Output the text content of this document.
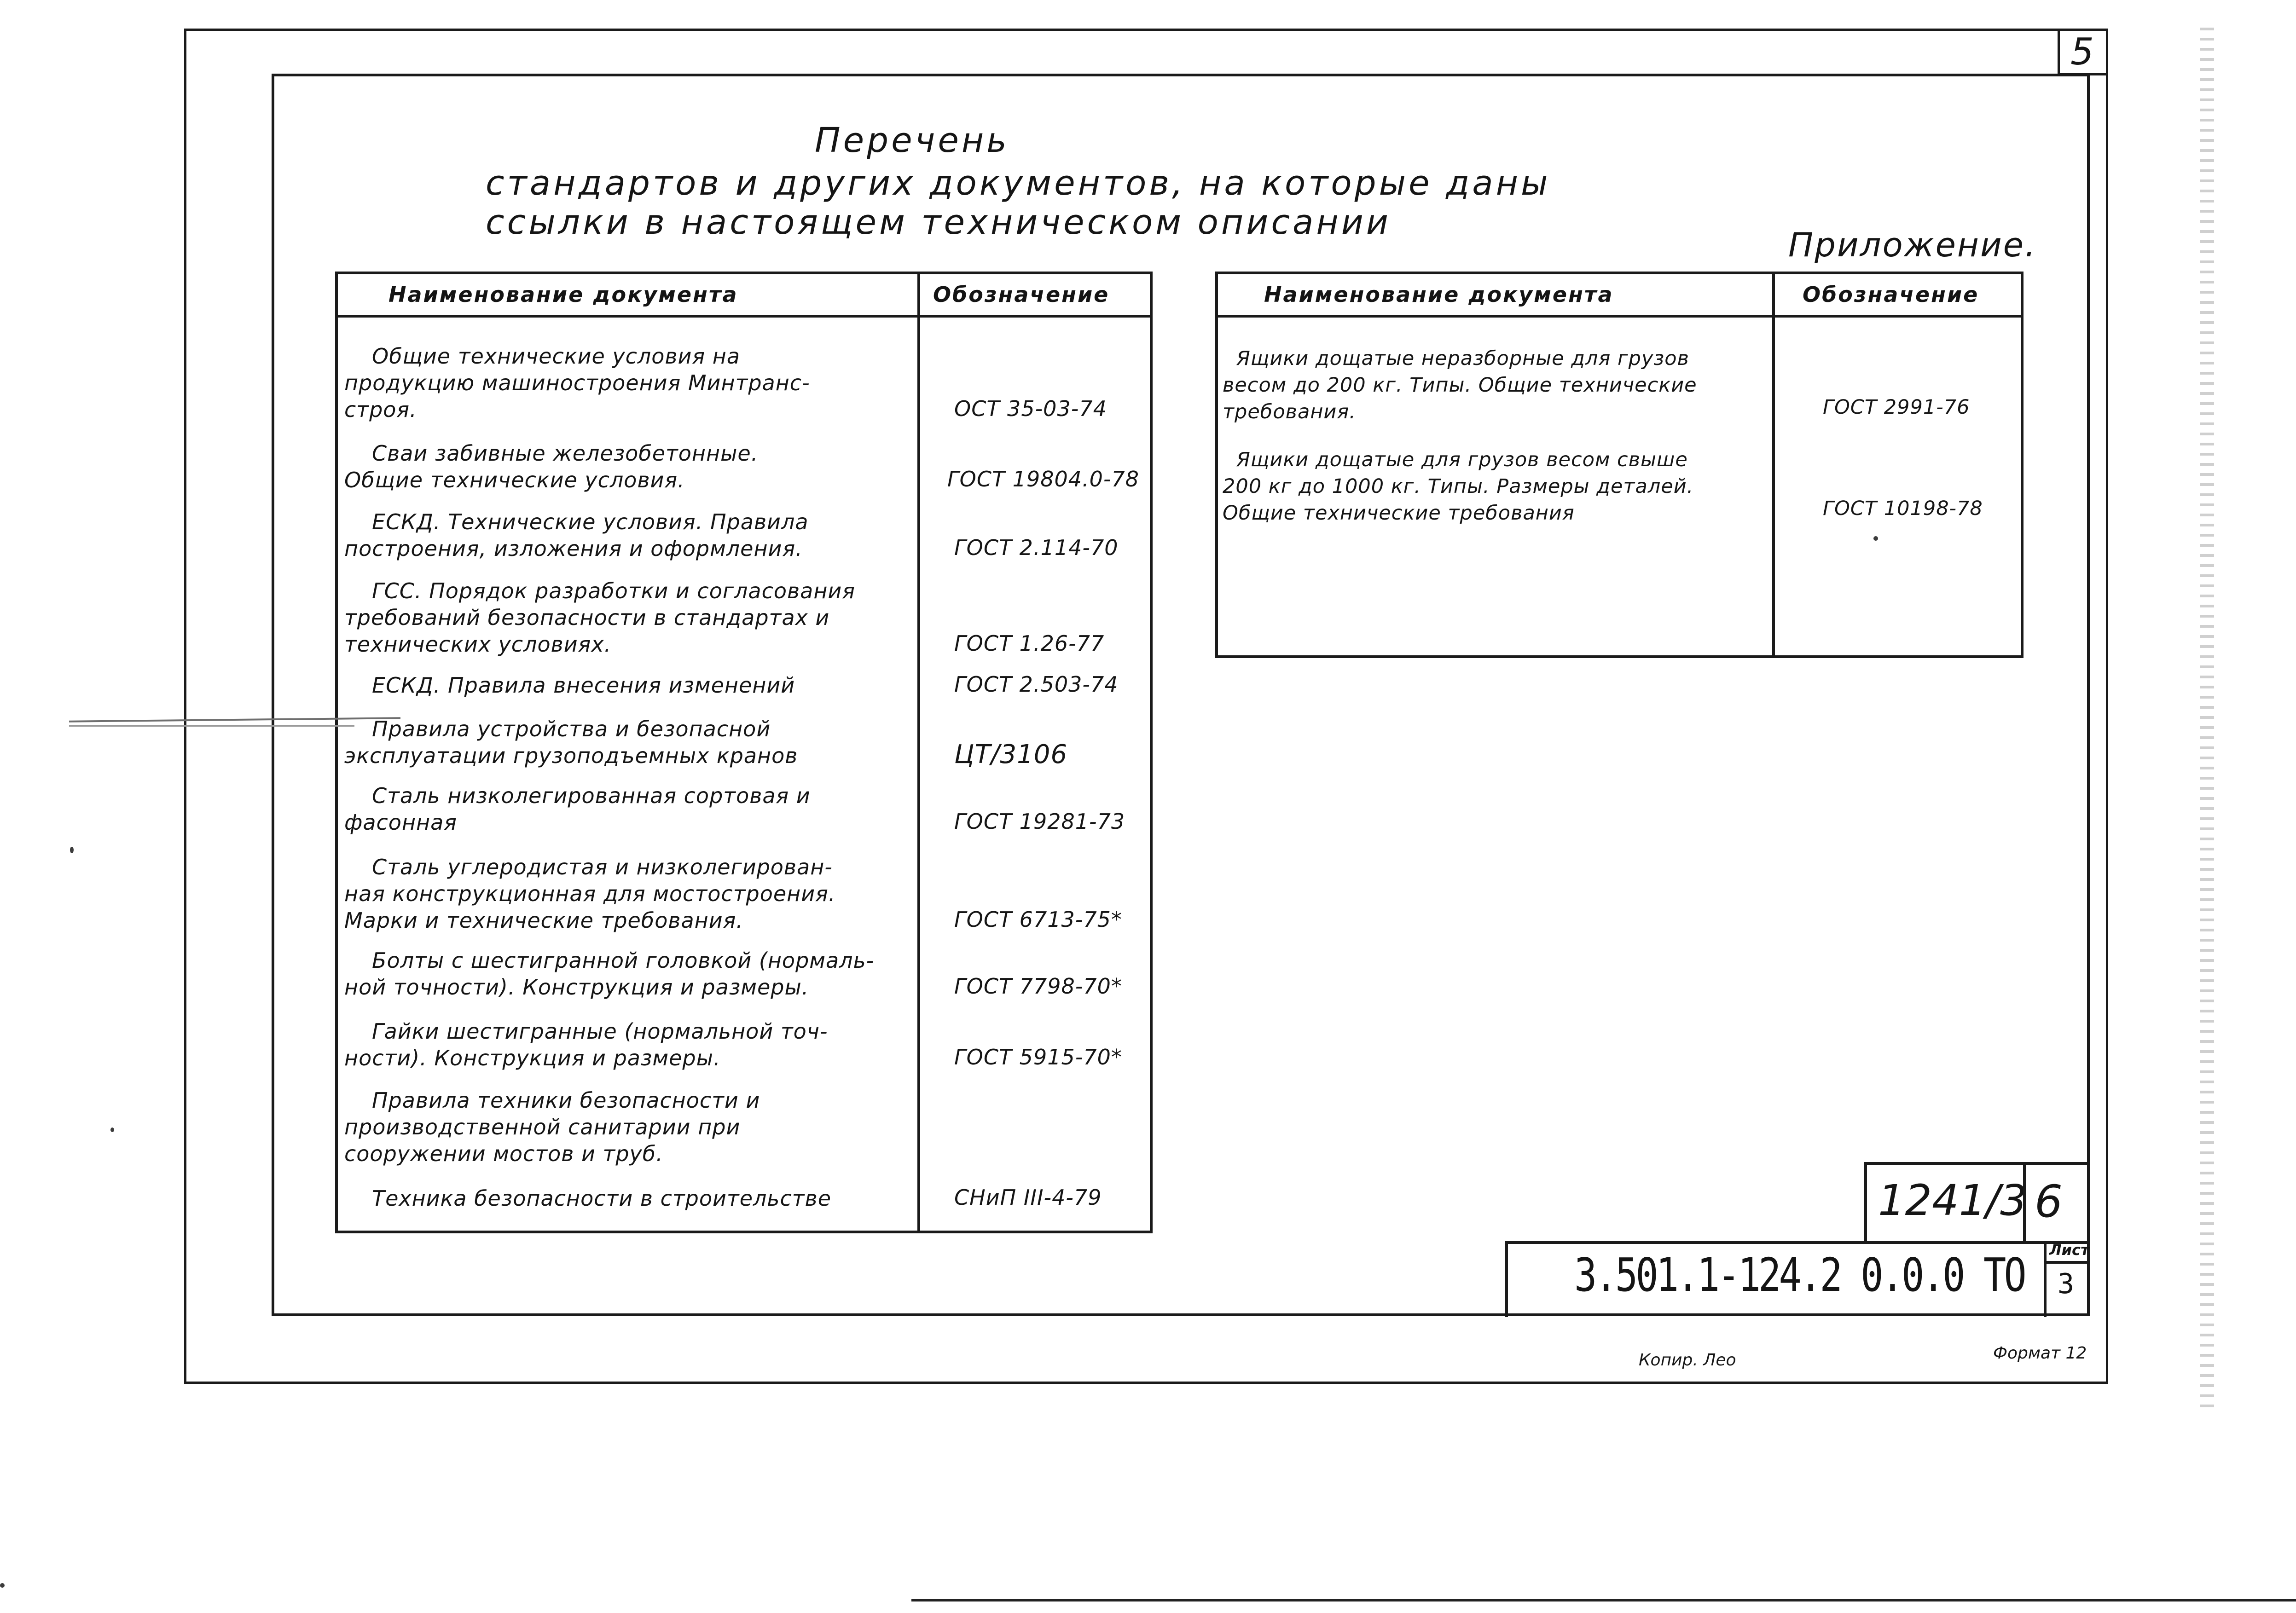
5
Перечень
стандартов и других документов, на которые даны
ссылки в настоящем техническом описании
Приложение.
Наименование документа	Обозначение

Общие технические условия на
продукцию машиностроения Минтранс-
строя.	ОСТ 35-03-74
Сваи забивные железобетонные.
Общие технические условия.	ГОСТ 19804.0-78
ЕСКД. Технические условия. Правила
построения, изложения и оформления.	ГОСТ 2.114-70
ГСС. Порядок разработки и согласования
требований безопасности в стандартах и
технических условиях.	ГОСТ 1.26-77
ЕСКД. Правила внесения изменений	ГОСТ 2.503-74
Правила устройства и безопасной
эксплуатации грузоподъемных кранов	ЦТ/3106
Сталь низколегированная сортовая и
фасонная	ГОСТ 19281-73
Сталь углеродистая и низколегирован-
ная конструкционная для мостостроения.
Марки и технические требования.	ГОСТ 6713-75*
Болты с шестигранной головкой (нормаль-
ной точности). Конструкция и размеры.	ГОСТ 7798-70*
Гайки шестигранные (нормальной точ-
ности). Конструкция и размеры.	ГОСТ 5915-70*
Правила техники безопасности и
производственной санитарии при
сооружении мостов и труб.
Техника безопасности в строительстве	СНиП III-4-79
Наименование документа	Обозначение

Ящики дощатые неразборные для грузов
весом до 200 кг. Типы. Общие технические
требования.	ГОСТ 2991-76
Ящики дощатые для грузов весом свыше
200 кг до 1000 кг. Типы. Размеры деталей.
Общие технические требования	ГОСТ 10198-78
1241/3 6
3.501.1-124.2 0.0.0 ТО Лист
3
Копир. Лео	Формат 12
